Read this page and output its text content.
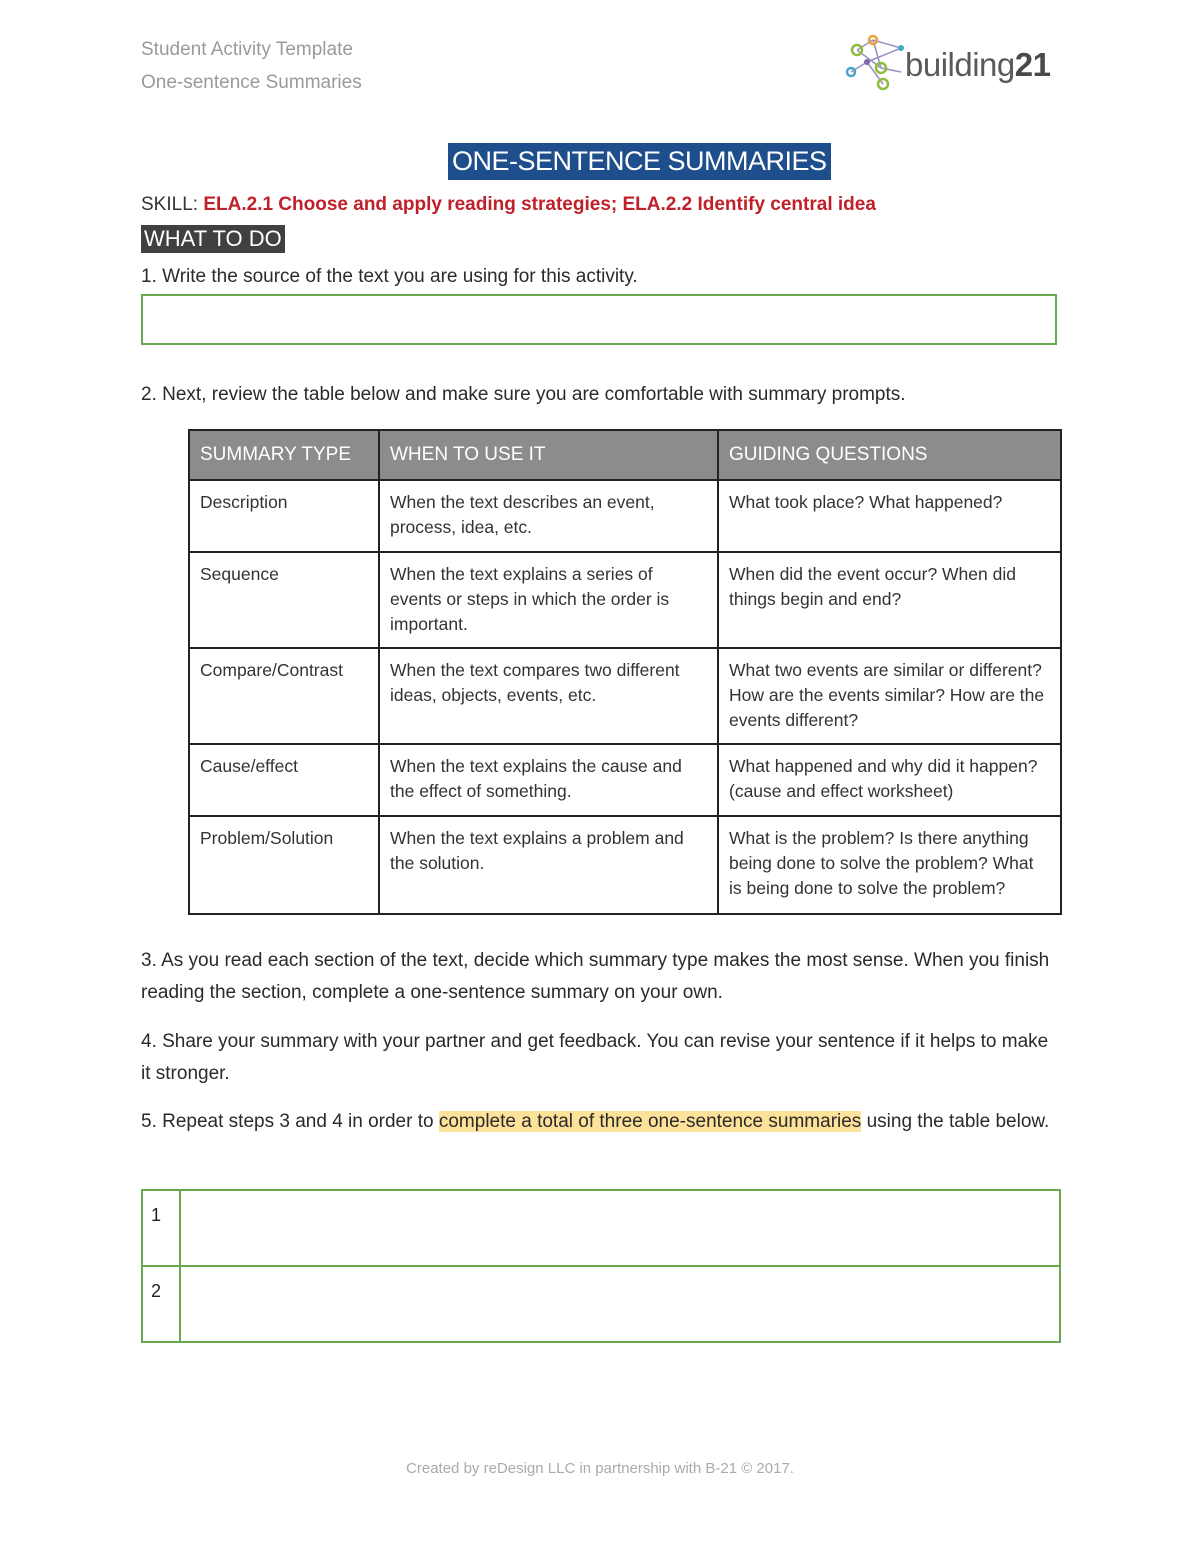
Student Activity Template
One-sentence Summaries	building21
ONE-SENTENCE SUMMARIES
SKILL: ELA.2.1 Choose and apply reading strategies; ELA.2.2 Identify central idea
WHAT TO DO
1. Write the source of the text you are using for this activity.
2. Next, review the table below and make sure you are comfortable with summary prompts.
SUMMARY TYPE	WHEN TO USE IT	GUIDING QUESTIONS
Description	When the text describes an event, process, idea, etc.	What took place? What happened?
Sequence	When the text explains a series of events or steps in which the order is important.	When did the event occur? When did things begin and end?
Compare/Contrast	When the text compares two different ideas, objects, events, etc.	What two events are similar or different? How are the events similar? How are the events different?
Cause/effect	When the text explains the cause and the effect of something.	What happened and why did it happen? (cause and effect worksheet)
Problem/Solution	When the text explains a problem and the solution.	What is the problem? Is there anything being done to solve the problem? What is being done to solve the problem?
3. As you read each section of the text, decide which summary type makes the most sense. When you finish reading the section, complete a one-sentence summary on your own.
4. Share your summary with your partner and get feedback. You can revise your sentence if it helps to make it stronger.
5. Repeat steps 3 and 4 in order to complete a total of three one-sentence summaries using the table below.
1	
2	
Created by reDesign LLC in partnership with B-21 © 2017.
